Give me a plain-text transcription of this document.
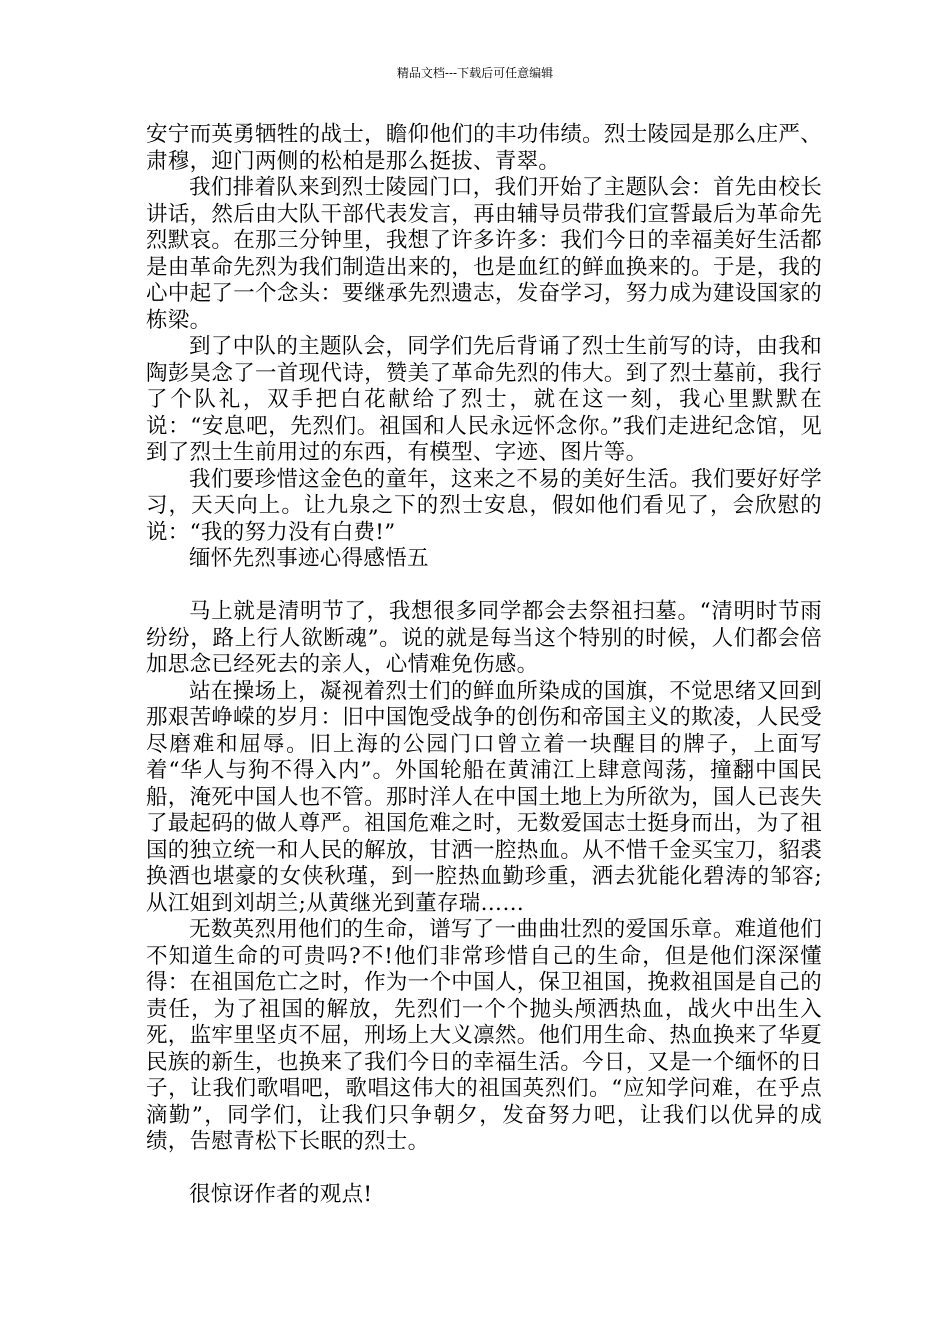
精品文档---下载后可任意编辑

安宁而英勇牺牲的战士，瞻仰他们的丰功伟绩。烈士陵园是那么庄严、肃穆，迎门两侧的松柏是那么挺拔、青翠。

我们排着队来到烈士陵园门口，我们开始了主题队会：首先由校长讲话，然后由大队干部代表发言，再由辅导员带我们宣誓最后为革命先烈默哀。在那三分钟里，我想了许多许多：我们今日的幸福美好生活都是由革命先烈为我们制造出来的，也是血红的鲜血换来的。于是，我的心中起了一个念头：要继承先烈遗志，发奋学习，努力成为建设国家的栋梁。

到了中队的主题队会，同学们先后背诵了烈士生前写的诗，由我和陶彭昊念了一首现代诗，赞美了革命先烈的伟大。到了烈士墓前，我行了个队礼，双手把白花献给了烈士，就在这一刻，我心里默默在说：“安息吧，先烈们。祖国和人民永远怀念你。”我们走进纪念馆，见到了烈士生前用过的东西，有模型、字迹、图片等。

我们要珍惜这金色的童年，这来之不易的美好生活。我们要好好学习，天天向上。让九泉之下的烈士安息，假如他们看见了，会欣慰的说：“我的努力没有白费!”

缅怀先烈事迹心得感悟五

马上就是清明节了，我想很多同学都会去祭祖扫墓。“清明时节雨纷纷，路上行人欲断魂”。说的就是每当这个特别的时候，人们都会倍加思念已经死去的亲人，心情难免伤感。

站在操场上，凝视着烈士们的鲜血所染成的国旗，不觉思绪又回到那艰苦峥嵘的岁月：旧中国饱受战争的创伤和帝国主义的欺凌，人民受尽磨难和屈辱。旧上海的公园门口曾立着一块醒目的牌子，上面写着“华人与狗不得入内”。外国轮船在黄浦江上肆意闯荡，撞翻中国民船，淹死中国人也不管。那时洋人在中国土地上为所欲为，国人已丧失了最起码的做人尊严。祖国危难之时，无数爱国志士挺身而出，为了祖国的独立统一和人民的解放，甘洒一腔热血。从不惜千金买宝刀，貂裘换酒也堪豪的女侠秋瑾，到一腔热血勤珍重，洒去犹能化碧涛的邹容;从江姐到刘胡兰;从黄继光到董存瑞……

无数英烈用他们的生命，谱写了一曲曲壮烈的爱国乐章。难道他们不知道生命的可贵吗?不!他们非常珍惜自己的生命，但是他们深深懂得：在祖国危亡之时，作为一个中国人，保卫祖国，挽救祖国是自己的责任，为了祖国的解放，先烈们一个个抛头颅洒热血，战火中出生入死，监牢里坚贞不屈，刑场上大义凛然。他们用生命、热血换来了华夏民族的新生，也换来了我们今日的幸福生活。今日，又是一个缅怀的日子，让我们歌唱吧，歌唱这伟大的祖国英烈们。“应知学问难，在乎点滴勤”，同学们，让我们只争朝夕，发奋努力吧，让我们以优异的成绩，告慰青松下长眠的烈士。

很惊讶作者的观点!
